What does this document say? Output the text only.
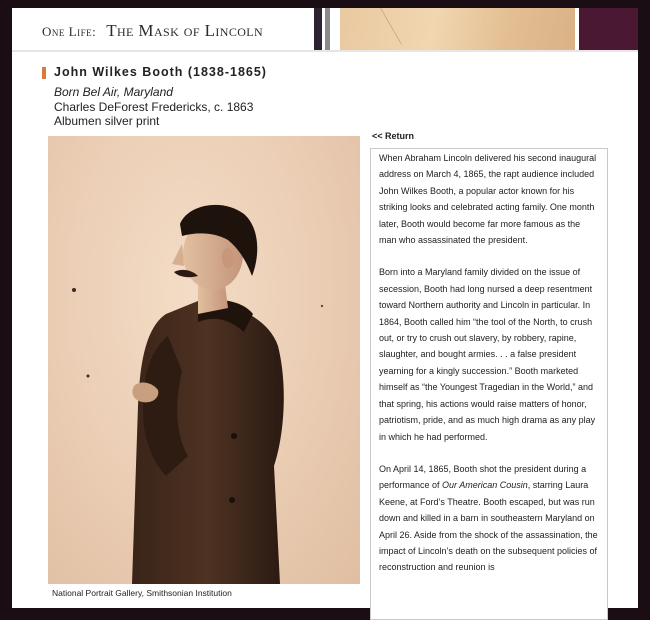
One Life: The Mask of Lincoln
John Wilkes Booth (1838-1865)
Born Bel Air, Maryland
Charles DeForest Fredericks, c. 1863
Albumen silver print
National Portrait Gallery, Smithsonian Institution
<< Return

When Abraham Lincoln delivered his second inaugural address on March 4, 1865, the rapt audience included John Wilkes Booth, a popular actor known for his striking looks and celebrated acting family. One month later, Booth would become far more famous as the man who assassinated the president.

Born into a Maryland family divided on the issue of secession, Booth had long nursed a deep resentment toward Northern authority and Lincoln in particular. In 1864, Booth called him “the tool of the North, to crush out, or try to crush out slavery, by robbery, rapine, slaughter, and bought armies. . . a false president yearning for a kingly succession.” Booth marketed himself as “the Youngest Tragedian in the World,” and that spring, his actions would raise matters of honor, patriotism, pride, and as much high drama as any play in which he had performed.

On April 14, 1865, Booth shot the president during a performance of Our American Cousin, starring Laura Keene, at Ford’s Theatre. Booth escaped, but was run down and killed in a barn in southeastern Maryland on April 26. Aside from the shock of the assassination, the impact of Lincoln’s death on the subsequent policies of reconstruction and reunion is
